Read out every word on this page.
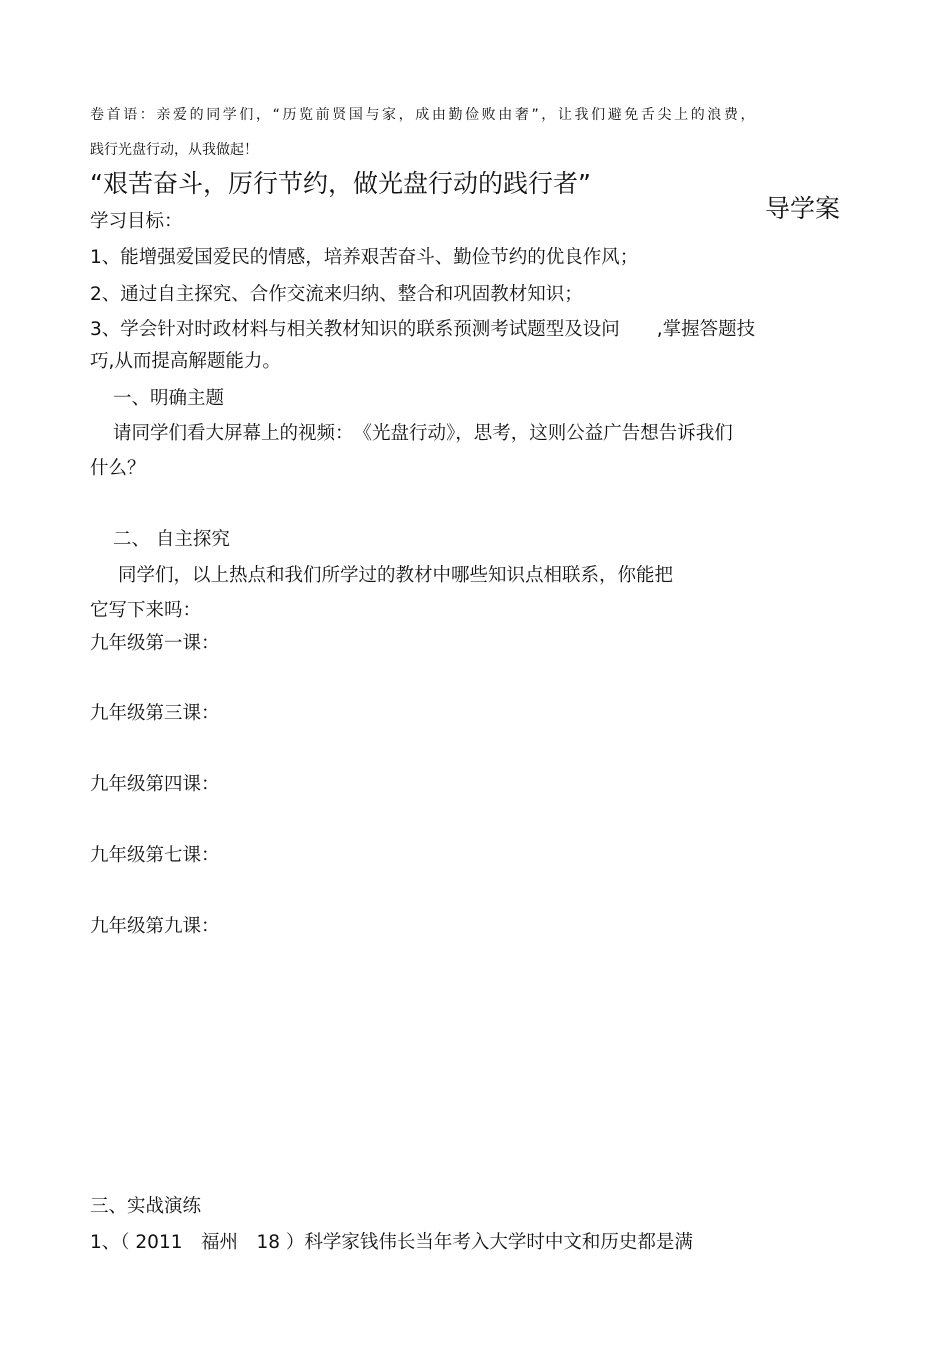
卷首语：亲爱的同学们，“历览前贤国与家，成由勤俭败由奢”，让我们避免舌尖上的浪费，

践行光盘行动，从我做起！

“艰苦奋斗，厉行节约，做光盘行动的践行者”

导学案

学习目标：

1、能增强爱国爱民的情感，培养艰苦奋斗、勤俭节约的优良作风；

2、通过自主探究、合作交流来归纳、整合和巩固教材知识；

3、学会针对时政材料与相关教材知识的联系预测考试题型及设问　　,掌握答题技

巧,从而提高解题能力。

一、明确主题

请同学们看大屏幕上的视频：　《光盘行动》，思考，这则公益广告想告诉我们

什么？

二、 自主探究

同学们，以上热点和我们所学过的教材中哪些知识点相联系，你能把

它写下来吗：

九年级第一课：

九年级第三课：

九年级第四课：

九年级第七课：

九年级第九课：

三、实战演练

1、（ 2011　福州　18 ）科学家钱伟长当年考入大学时中文和历史都是满
